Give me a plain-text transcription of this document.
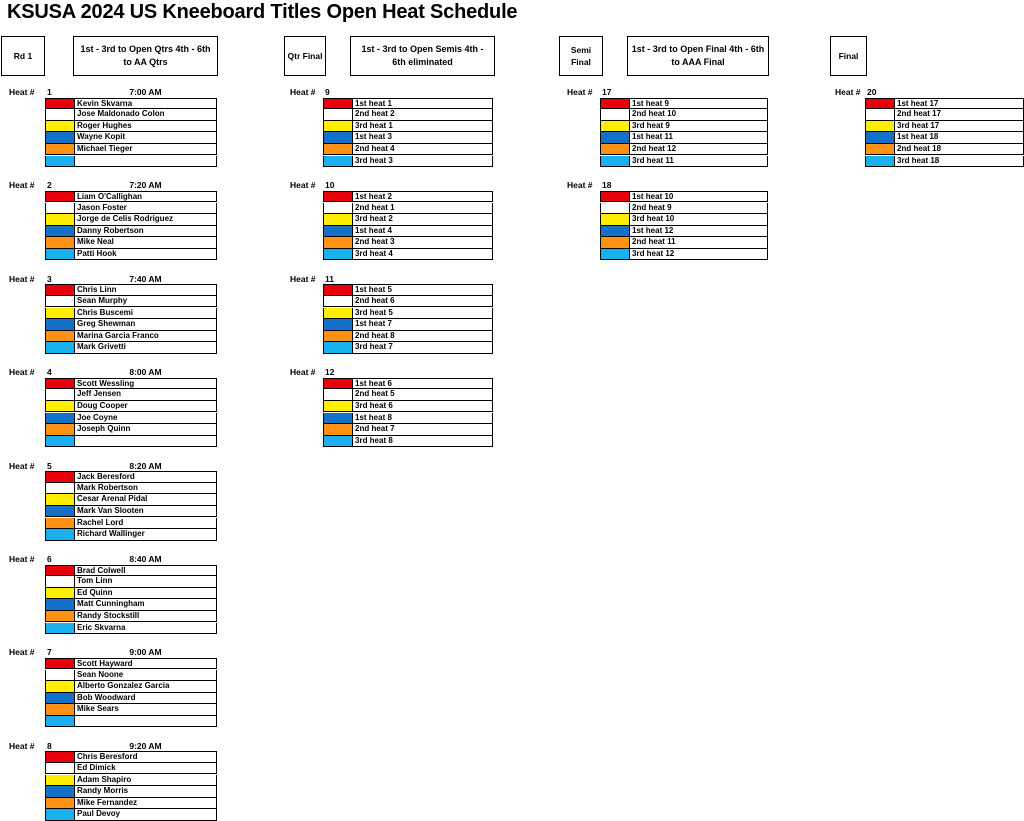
KSUSA 2024 US Kneeboard Titles Open Heat Schedule
Rd 1
1st - 3rd to Open Qtrs 4th - 6th to AA Qtrs
Qtr Final
1st - 3rd to Open Semis 4th - 6th eliminated
Semi Final
1st - 3rd to Open Final 4th - 6th to AAA Final
Final
Heat # 1	7:00 AM
Kevin Skvarna
Jose Maldonado Colon
Roger Hughes
Wayne Kopit
Michael Tieger
Heat # 2	7:20 AM
Liam O'Callighan
Jason Foster
Jorge de Celis Rodriguez
Danny Robertson
Mike Neal
Patti Hook
Heat # 3	7:40 AM
Chris Linn
Sean Murphy
Chris Buscemi
Greg Shewman
Marina Garcia Franco
Mark Grivetti
Heat # 4	8:00 AM
Scott Wessling
Jeff Jensen
Doug Cooper
Joe Coyne
Joseph Quinn
Heat # 5	8:20 AM
Jack Beresford
Mark Robertson
Cesar Arenal Pidal
Mark Van Slooten
Rachel Lord
Richard Wallinger
Heat # 6	8:40 AM
Brad Colwell
Tom Linn
Ed Quinn
Matt Cunningham
Randy Stockstill
Eric Skvarna
Heat # 7	9:00 AM
Scott Hayward
Sean Noone
Alberto Gonzalez Garcia
Bob Woodward
Mike Sears
Heat # 8	9:20 AM
Chris Beresford
Ed Dimick
Adam Shapiro
Randy Morris
Mike Fernandez
Paul Devoy
Heat # 9
1st heat 1
2nd heat 2
3rd heat 1
1st heat 3
2nd heat 4
3rd heat 3
Heat # 10
1st heat 2
2nd heat 1
3rd heat 2
1st heat 4
2nd heat 3
3rd heat 4
Heat # 11
1st heat 5
2nd heat 6
3rd heat 5
1st heat 7
2nd heat 8
3rd heat 7
Heat # 12
1st heat 6
2nd heat 5
3rd heat 6
1st heat 8
2nd heat 7
3rd heat 8
Heat # 17
1st heat 9
2nd heat 10
3rd heat 9
1st heat 11
2nd heat 12
3rd heat 11
Heat # 18
1st heat 10
2nd heat 9
3rd heat 10
1st heat 12
2nd heat 11
3rd heat 12
Heat # 20
1st heat 17
2nd heat 17
3rd heat 17
1st heat 18
2nd heat 18
3rd heat 18
